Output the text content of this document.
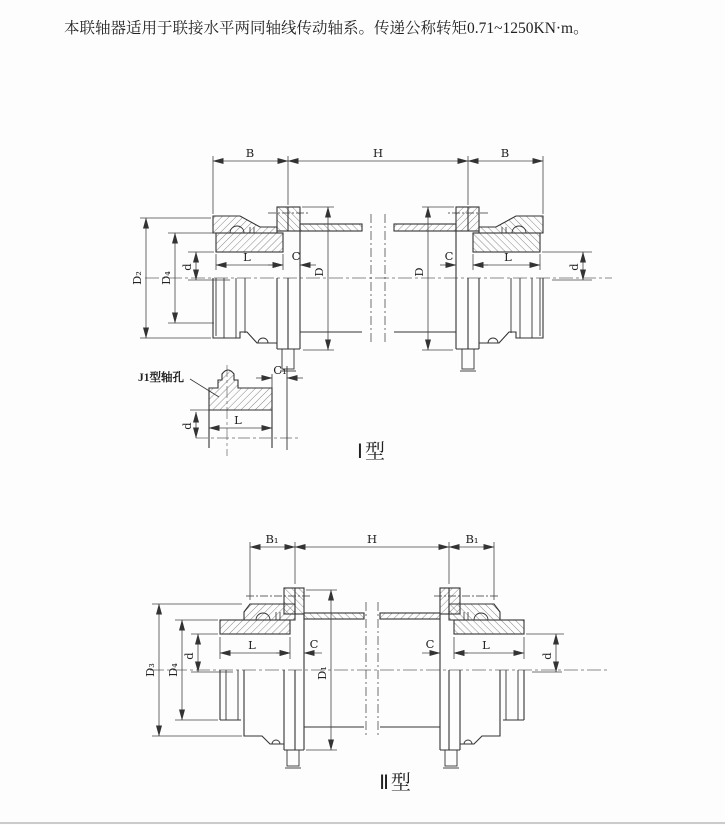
本联轴器适用于联接水平两同轴线传动轴系。传递公称转矩0.71~1250KN·m。
B	H	B
D₂ D₄
d
L	C
D	D
C	L
d
Ⅰ型
J1型轴孔
C₁
d	L
B₁	H	B₁
D₃ D₄
d
L	C
D₁
C	L
d
Ⅱ型
